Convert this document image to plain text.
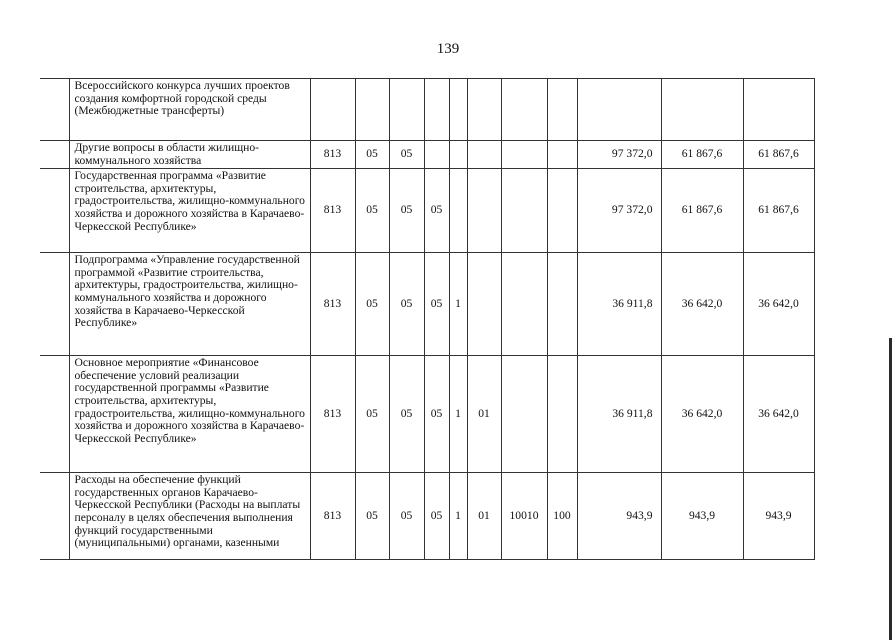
139
	Всероссийского конкурса лучших проектов создания комфортной городской среды (Межбюджетные трансферты)											
	Другие вопросы в области жилищно-коммунального хозяйства	813	05	05						97 372,0	61 867,6	61 867,6
	Государственная программа «Развитие строительства, архитектуры, градостроительства, жилищно-коммунального хозяйства и дорожного хозяйства в Карачаево-Черкесской Республике»	813	05	05	05					97 372,0	61 867,6	61 867,6
	Подпрограмма «Управление государственной программой «Развитие строительства, архитектуры, градостроительства, жилищно-коммунального хозяйства и дорожного хозяйства в Карачаево-Черкесской Республике»	813	05	05	05	1				36 911,8	36 642,0	36 642,0
	Основное мероприятие «Финансовое обеспечение условий реализации государственной программы «Развитие строительства, архитектуры, градостроительства, жилищно-коммунального хозяйства и дорожного хозяйства в Карачаево-Черкесской Республике»	813	05	05	05	1	01			36 911,8	36 642,0	36 642,0
	Расходы на обеспечение функций государственных органов Карачаево-Черкесской Республики (Расходы на выплаты персоналу в целях обеспечения выполнения функций государственными (муниципальными) органами, казенными	813	05	05	05	1	01	10010	100	943,9	943,9	943,9
